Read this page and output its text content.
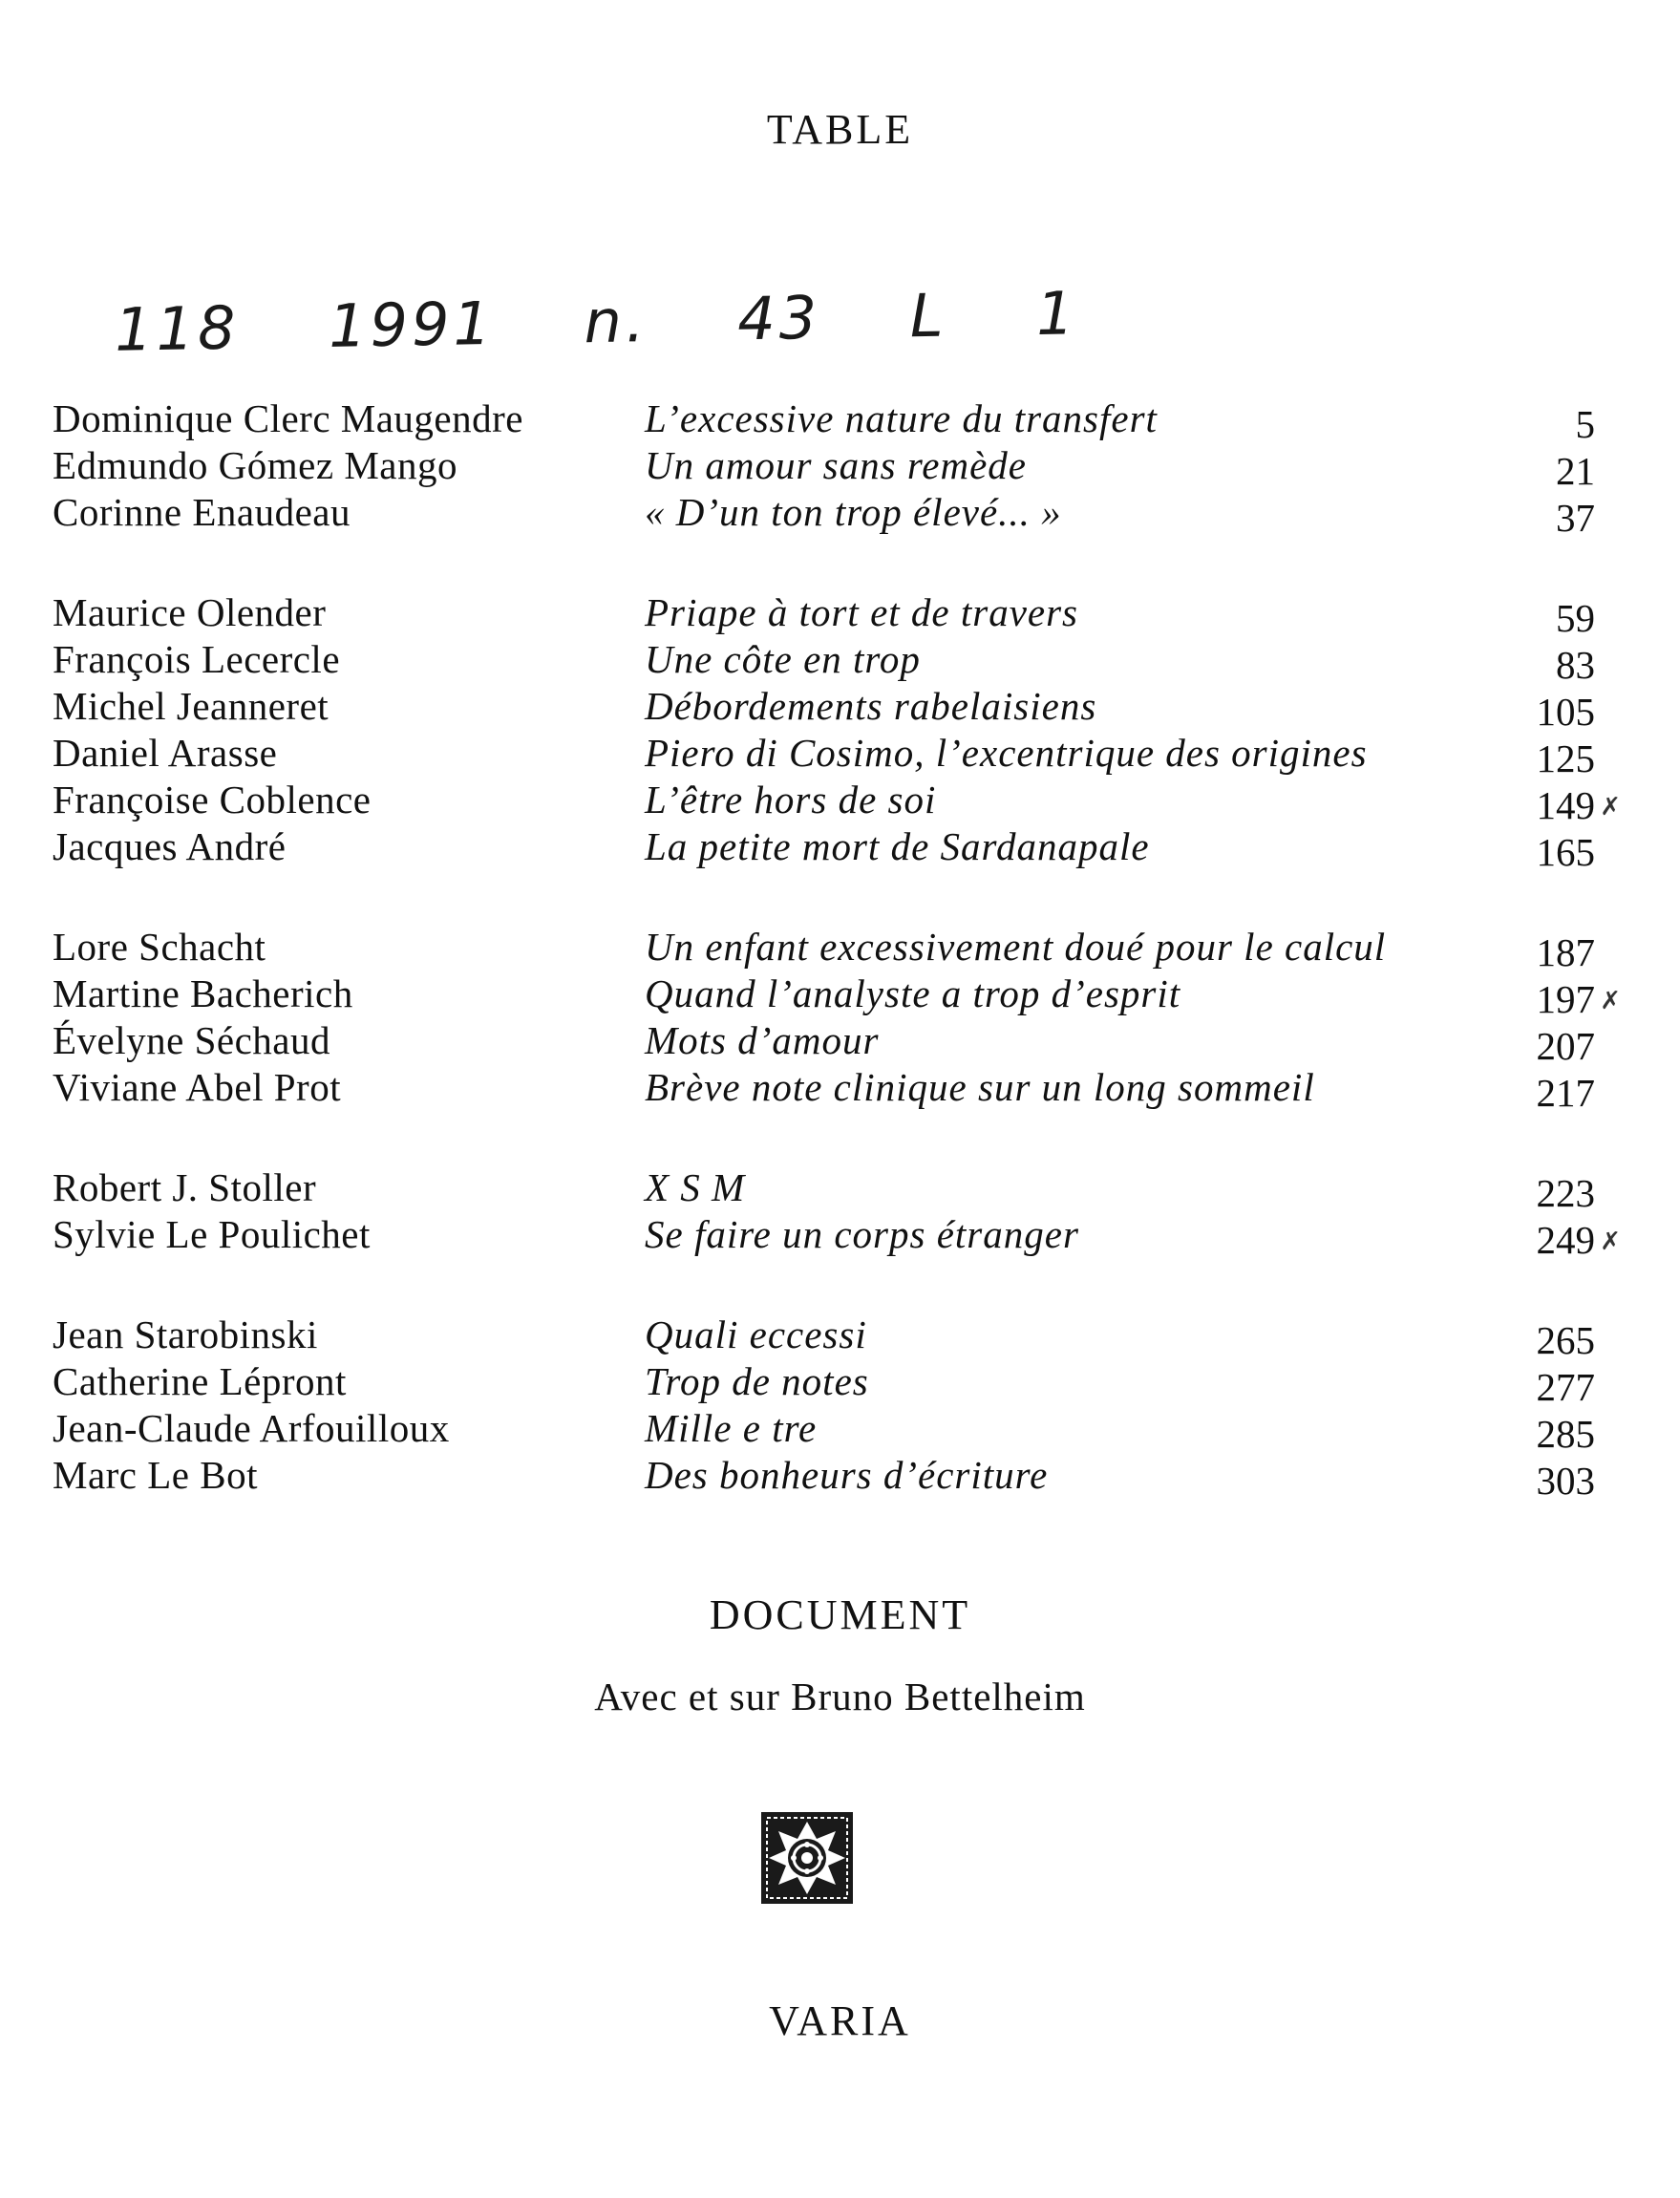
TABLE
118 1991 n. 43 L 1
Dominique Clerc Maugendre	L’excessive nature du transfert	5
Edmundo Gómez Mango	Un amour sans remède	21
Corinne Enaudeau	« D’un ton trop élevé... »	37
Maurice Olender	Priape à tort et de travers	59
François Lecercle	Une côte en trop	83
Michel Jeanneret	Débordements rabelaisiens	105
Daniel Arasse	Piero di Cosimo, l’excentrique des origines	125
Françoise Coblence	L’être hors de soi	149 ✗
Jacques André	La petite mort de Sardanapale	165
Lore Schacht	Un enfant excessivement doué pour le calcul	187
Martine Bacherich	Quand l’analyste a trop d’esprit	197 ✗
Évelyne Séchaud	Mots d’amour	207
Viviane Abel Prot	Brève note clinique sur un long sommeil	217
Robert J. Stoller	X S M	223
Sylvie Le Poulichet	Se faire un corps étranger	249 ✗
Jean Starobinski	Quali eccessi	265
Catherine Lépront	Trop de notes	277
Jean-Claude Arfouilloux	Mille e tre	285
Marc Le Bot	Des bonheurs d’écriture	303
DOCUMENT
Avec et sur Bruno Bettelheim
VARIA
